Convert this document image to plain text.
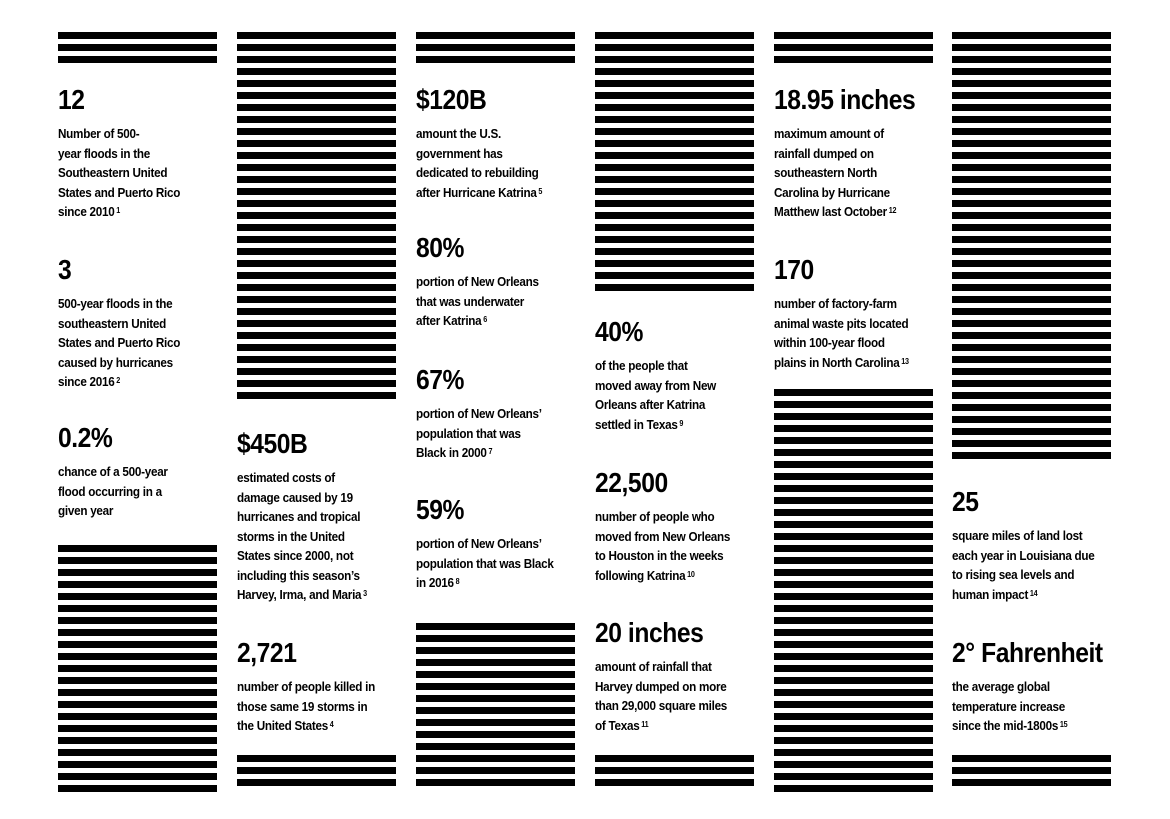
12
Number of 500-
year floods in the
Southeastern United
States and Puerto Rico
since 2010 $^1$
3
500-year floods in the
southeastern United
States and Puerto Rico
caused by hurricanes
since 2016 $^2$
0.2%
chance of a 500-year
flood occurring in a
given year
$450B
estimated costs of
damage caused by 19
hurricanes and tropical
storms in the United
States since 2000, not
including this season’s
Harvey, Irma, and Maria $^3$
2,721
number of people killed in
those same 19 storms in
the United States $^4$
$120B
amount the U.S.
government has
dedicated to rebuilding
after Hurricane Katrina $^5$
80%
portion of New Orleans
that was underwater
after Katrina $^6$
67%
portion of New Orleans’
population that was
Black in 2000 $^7$
59%
portion of New Orleans’
population that was Black
in 2016 $^8$
40%
of the people that
moved away from New
Orleans after Katrina
settled in Texas $^9$
22,500
number of people who
moved from New Orleans
to Houston in the weeks
following Katrina $^{10}$
20 inches
amount of rainfall that
Harvey dumped on more
than 29,000 square miles
of Texas $^{11}$
18.95 inches
maximum amount of
rainfall dumped on
southeastern North
Carolina by Hurricane
Matthew last October $^{12}$
170
number of factory-farm
animal waste pits located
within 100-year flood
plains in North Carolina $^{13}$
25
square miles of land lost
each year in Louisiana due
to rising sea levels and
human impact $^{14}$
2° Fahrenheit
the average global
temperature increase
since the mid-1800s $^{15}$
